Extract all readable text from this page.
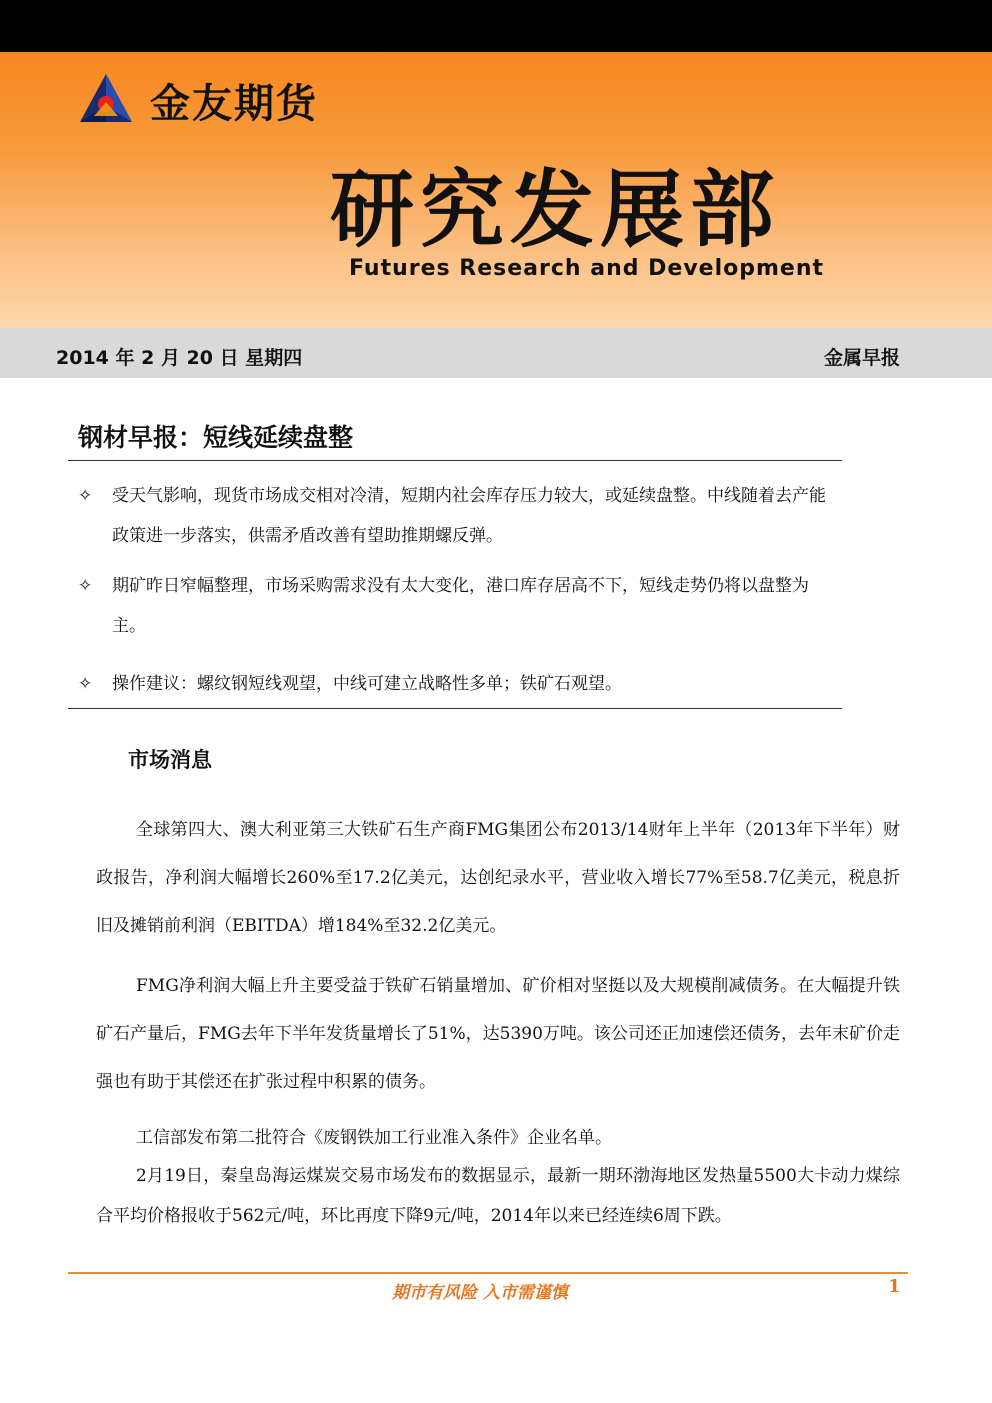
金友期货
研究发展部
Futures Research and Development
2014 年 2 月 20 日 星期四	金属早报
钢材早报：短线延续盘整
✧	受天气影响，现货市场成交相对冷清，短期内社会库存压力较大，或延续盘整。中线随着去产能政策进一步落实，供需矛盾改善有望助推期螺反弹。
✧	期矿昨日窄幅整理，市场采购需求没有太大变化，港口库存居高不下，短线走势仍将以盘整为主。
✧	操作建议：螺纹钢短线观望，中线可建立战略性多单；铁矿石观望。
市场消息
全球第四大、澳大利亚第三大铁矿石生产商FMG集团公布2013/14财年上半年（2013年下半年）财政报告，净利润大幅增长260%至17.2亿美元，达创纪录水平，营业收入增长77%至58.7亿美元，税息折旧及摊销前利润（EBITDA）增184%至32.2亿美元。
FMG净利润大幅上升主要受益于铁矿石销量增加、矿价相对坚挺以及大规模削减债务。在大幅提升铁矿石产量后，FMG去年下半年发货量增长了51%，达5390万吨。该公司还正加速偿还债务，去年末矿价走强也有助于其偿还在扩张过程中积累的债务。
工信部发布第二批符合《废钢铁加工行业准入条件》企业名单。
2月19日，秦皇岛海运煤炭交易市场发布的数据显示，最新一期环渤海地区发热量5500大卡动力煤综合平均价格报收于562元/吨，环比再度下降9元/吨，2014年以来已经连续6周下跌。
期市有风险 入市需谨慎	1
